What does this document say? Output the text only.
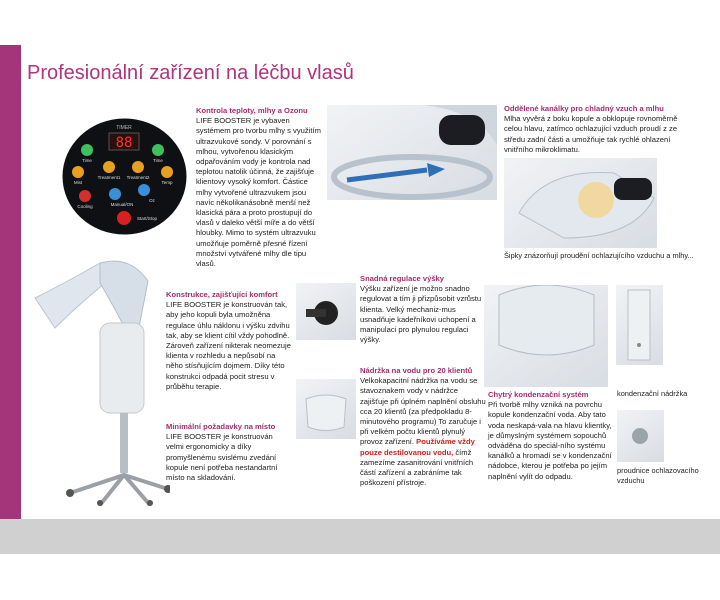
Profesionální zařízení na léčbu vlasů
TIMER
88
Time	Time
Mist
Treatment1 Treatment2
Temp
Cooling	Manual/ON
Oz
Start/Stop
Kontrola teploty, mlhy a Ozonu

LIFE BOOSTER je vybaven systémem pro tvorbu mlhy s využitím ultrazvukové sondy. V porovnání s mlhou, vytvořenou klasickým odpařováním vody je kontrola nad teplotou natolik účinná, že zajišťuje klientovy vysoký komfort. Částice mlhy vytvořené ultrazvukem jsou navíc několikanásobně menší než klasická pára a proto prostupují do vlasů v daleko větší míře a do větší hloubky. Mimo to systém ultrazvuku umožňuje poměrně přesné řízení množství vytvářené mlhy dle tipu vlasů.

Oddělené kanálky pro chladný vzuch a mlhu

Mlha vyvěrá z boku kopule a obklopuje rovnoměrně celou hlavu, zatímco ochlazující vzduch proudí z ze středu zadní části a umožňuje tak rychlé ohlazení vnitřního mikroklimatu.

Šipky znázorňují proudění ochlazujícího vzduchu a mlhy...
Konstrukce, zajišťující komfort

LIFE BOOSTER je konstruován tak, aby jeho kopuli byla umožněna regulace úhlu náklonu i výšku zdvihu tak, aby se klient cítil vždy pohodlně. Zároveň zařízení nikterak neomezuje klienta v rozhledu a nepůsobí na něho stísňujícím dojmem. Díky této konstrukci odpadá pocit stresu v průběhu terapie.

Snadná regulace výšky

Výšku zařízení je možno snadno regulovat a tím ji přizpůsobit vzrůstu klienta. Velký mechaniz-mus usnadňuje kadeřníkovi uchopení a manipulaci pro plynulou regulaci výšky.

Nádržka na vodu pro 20 klientů

Velkokapacitní nádržka na vodu se stavoznakem vody v nádržce zajišťuje při úplném naplnění obsluhu cca 20 klientů (za předpokladu 8-minutového programu) To zaručuje i při velkém počtu klientů plynulý provoz zařízení. Používáme vždy pouze destilovanou vodu, čímž zamezíme zasanitrování vnitřních částí zařízení a zabráníme tak poškození přístroje.

Chytrý kondenzační systém

Při tvorbě mlhy vzniká na povrchu kopule kondenzační voda. Aby tato voda neskapá-vala na hlavu klientky, je důmyslným systémem sopouchů odváděna do speciál-ního systému kanálků a hromadí se v kondenzační nádobce, kterou je potřeba po jejím naplnění vylít do odpadu.

Minimální požadavky na místo

LIFE BOOSTER je konstruován velmi ergonomicky a díky promyšlenému svislému zvedání kopule není potřeba nestandartní místo na skladování.

kondenzační nádržka
proudnice ochlazovacího vzduchu
